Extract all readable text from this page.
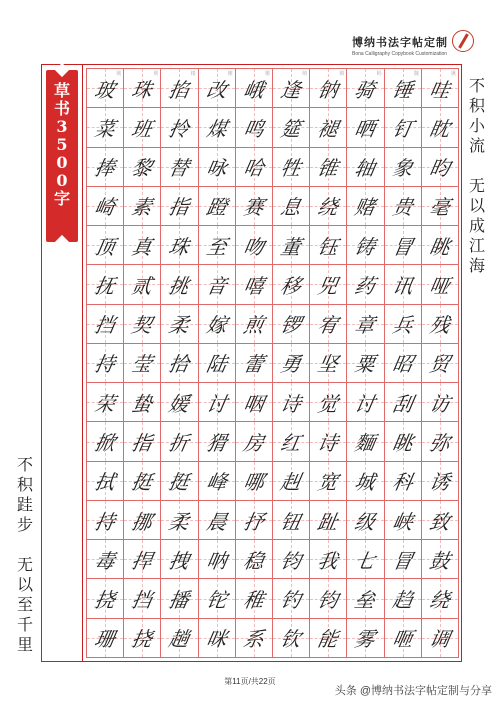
博纳书法字帖定制
Bona Calligraphy Copybook Customization
草
书
3
5
0
0
字
玻
城
珠
荆
掐
楼
改
摊
峨
哪
逢
纳
钠
锦
骑
蚂
锤
魏
哇
锹
菜 班 拎 煤 鸣 筵 褪 晒 钉 眈
捧 黎 替 咏 哈 牲 锥 轴 象 昀
崎 素 指 蹬 赛 息 绕 赌 贵 毫
顶 真 珠 至 吻 董 钰 铸 冒 眺
抚 贰 挑 音 嘻 移 兕 药 讯 哑
挡 契 柔 嫁 煎 锣 宥 章 兵 残
持 莹 拾 陆 蕾 勇 坚 粟 昭 贸
荣 蛰 媛 讨 咽 诗 觉 讨 刮 访
掀 指 折 猾 房 红 诗 麵 眺 弥
拭 挺 挺 峰 哪 赳 宽 城 科 诱
持 挪 柔 晨 抒 钮 趾 级 峡 致
毒 捍 拽 呐 稳 钧 我 七 冒 鼓
挠 挡 播 铊 稚 钓 钧 垒 趋 绕
珊 挠 趟 咪 系 钦 能 雾 咂 调
不
积
小
流
无
以
成
江
海
不
积
跬
步
无
以
至
千
里
第11页/共22页
头条 @博纳书法字帖定制与分享
